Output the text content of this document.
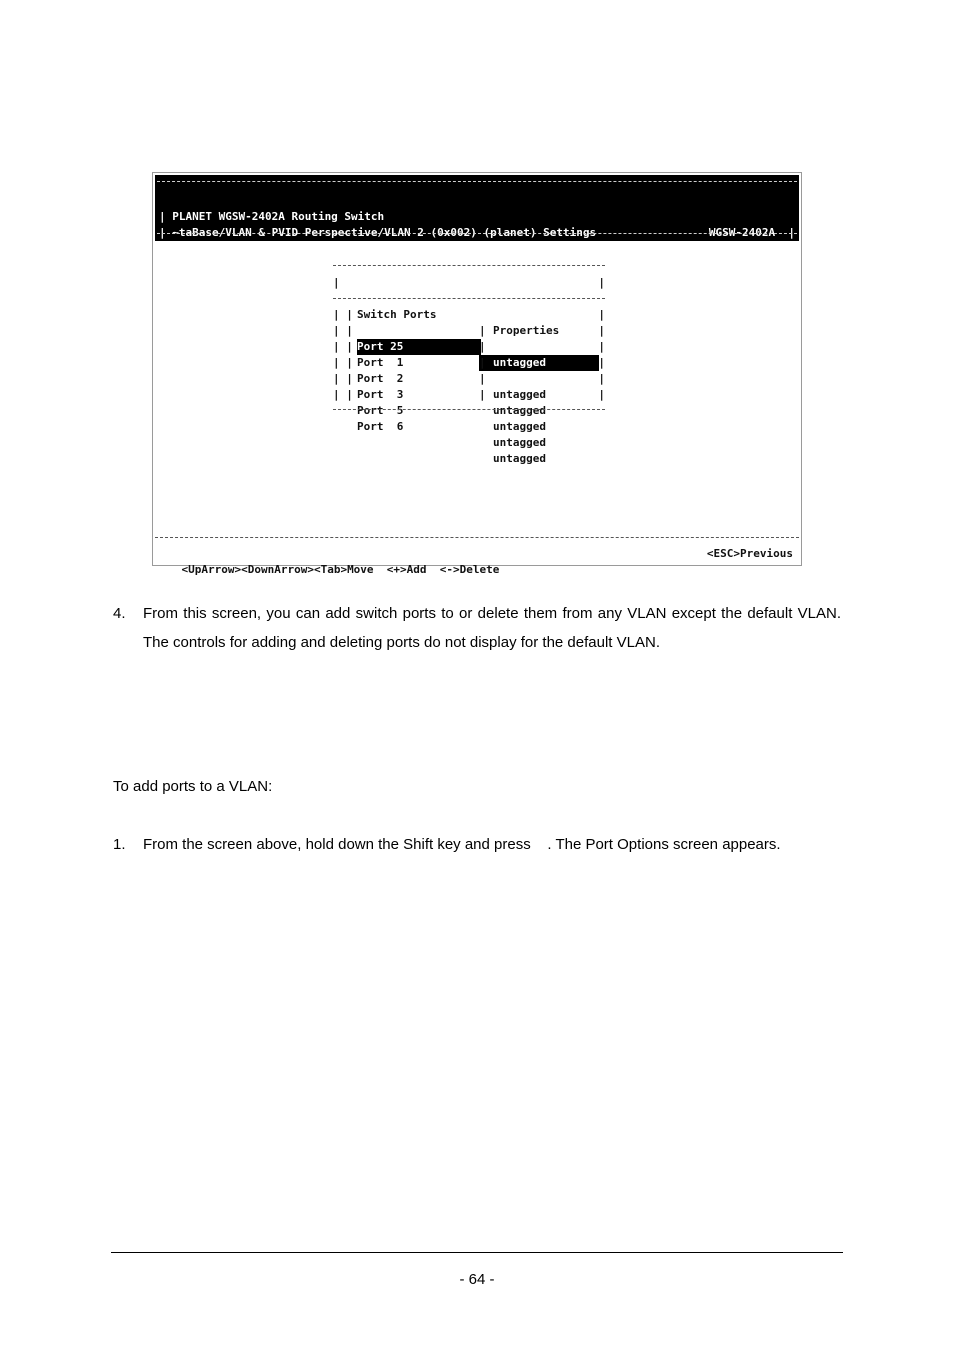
| PLANET WGSW-2402A Routing Switch

WGSW-2402A  |

| ~taBase/VLAN & PVID Perspective/VLAN 2 (0x002) (planet) Settings

admin  |

|

Switch Ports

Properties

|

| |

Port 25

untagged

|

| |

Port  1

|

untagged

|

| |

Port  2

|

untagged

|

| |

Port  3

|

untagged

|

| |

Port  5

|

untagged

|

| |

Port  6

|

untagged

|

<UpArrow><DownArrow><Tab>Move  <+>Add  <->Delete

<ESC>Previous

4. From this screen, you can add switch ports to or delete them from any VLAN except the default VLAN. The controls for adding and deleting ports do not display for the default VLAN.
To add ports to a VLAN:
1. From the screen above, hold down the Shift key and press    . The Port Options screen appears.
- 64 -
